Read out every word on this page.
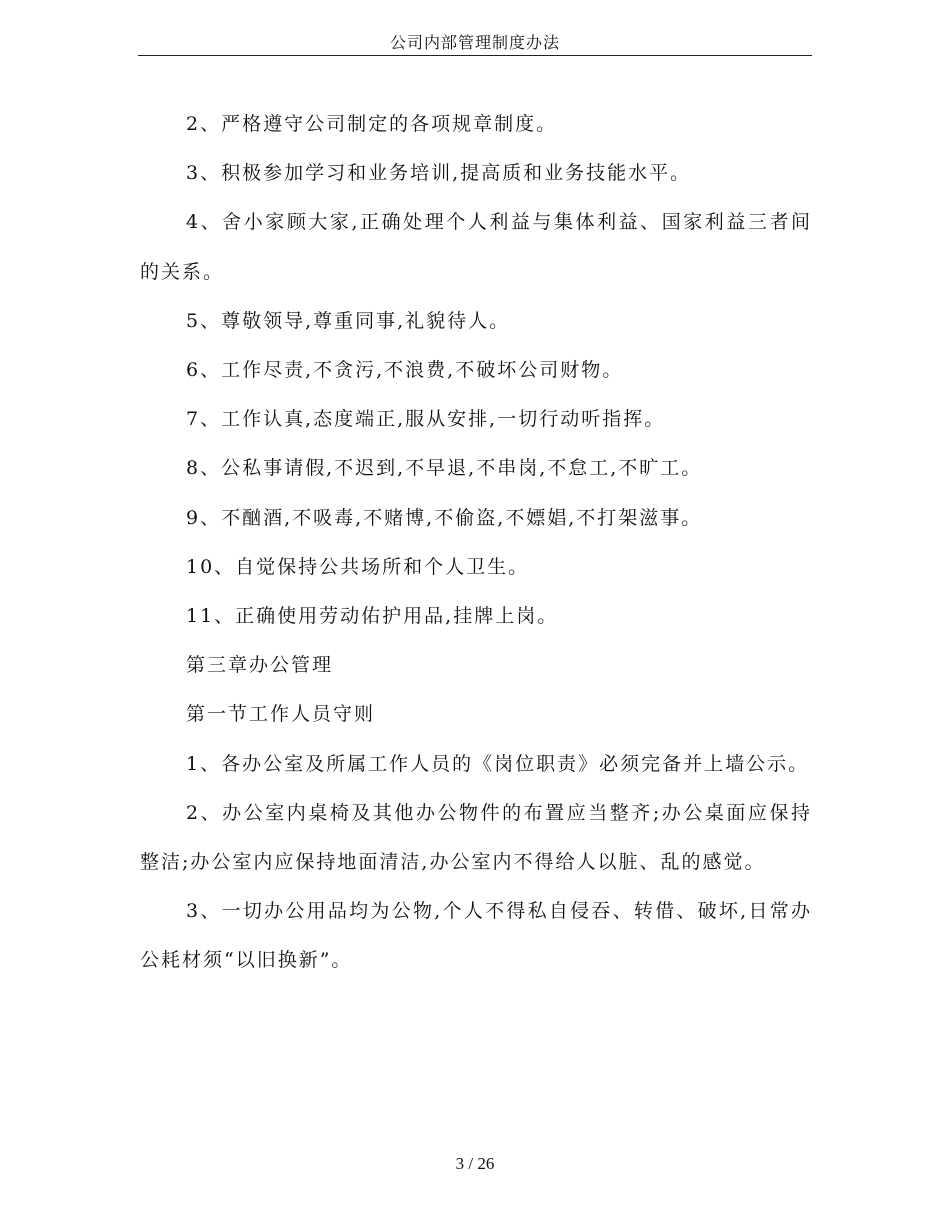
公司内部管理制度办法

2、严格遵守公司制定的各项规章制度。

3、积极参加学习和业务培训,提高质和业务技能水平。

4、舍小家顾大家,正确处理个人利益与集体利益、国家利益三者间的关系。

5、尊敬领导,尊重同事,礼貌待人。

6、工作尽责,不贪污,不浪费,不破坏公司财物。

7、工作认真,态度端正,服从安排,一切行动听指挥。

8、公私事请假,不迟到,不早退,不串岗,不怠工,不旷工。

9、不酗酒,不吸毒,不赌博,不偷盗,不嫖娼,不打架滋事。

10、自觉保持公共场所和个人卫生。

11、正确使用劳动佑护用品,挂牌上岗。

第三章办公管理

第一节工作人员守则

1、各办公室及所属工作人员的《岗位职责》必须完备并上墙公示。

2、办公室内桌椅及其他办公物件的布置应当整齐;办公桌面应保持整洁;办公室内应保持地面清洁,办公室内不得给人以脏、乱的感觉。

3、一切办公用品均为公物,个人不得私自侵吞、转借、破坏,日常办公耗材须“以旧换新”。

3 / 26
